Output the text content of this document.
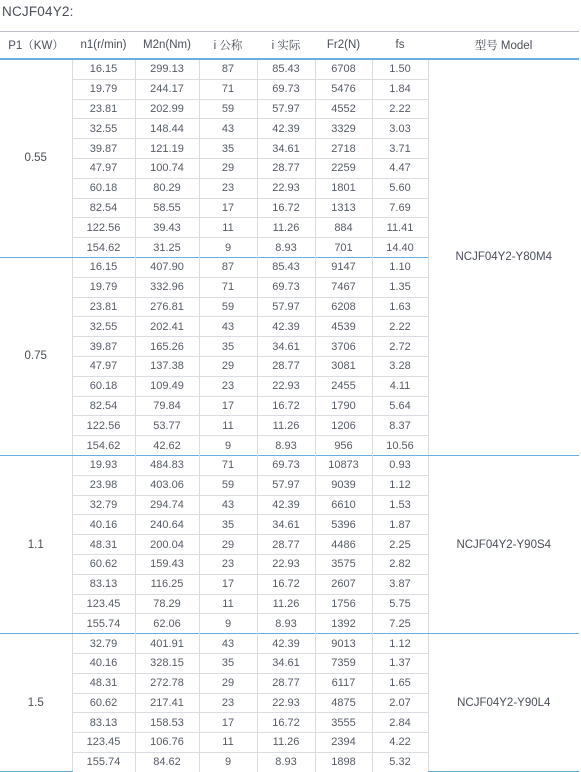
NCJF04Y2:
P1（KW）	n1(r/min)	M2n(Nm)	i 公称	i 实际	Fr2(N)	fs	型号 Model
0.55	16.15	299.13	87	85.43	6708	1.50	NCJF04Y2-Y80M4
	19.79	244.17	71	69.73	5476	1.84	
	23.81	202.99	59	57.97	4552	2.22	
	32.55	148.44	43	42.39	3329	3.03	
	39.87	121.19	35	34.61	2718	3.71	
	47.97	100.74	29	28.77	2259	4.47	
	60.18	80.29	23	22.93	1801	5.60	
	82.54	58.55	17	16.72	1313	7.69	
	122.56	39.43	11	11.26	884	11.41	
	154.62	31.25	9	8.93	701	14.40	
0.75	16.15	407.90	87	85.43	9147	1.10	
	19.79	332.96	71	69.73	7467	1.35	
	23.81	276.81	59	57.97	6208	1.63	
	32.55	202.41	43	42.39	4539	2.22	
	39.87	165.26	35	34.61	3706	2.72	
	47.97	137.38	29	28.77	3081	3.28	
	60.18	109.49	23	22.93	2455	4.11	
	82.54	79.84	17	16.72	1790	5.64	
	122.56	53.77	11	11.26	1206	8.37	
	154.62	42.62	9	8.93	956	10.56	
1.1	19.93	484.83	71	69.73	10873	0.93	NCJF04Y2-Y90S4
	23.98	403.06	59	57.97	9039	1.12	
	32.79	294.74	43	42.39	6610	1.53	
	40.16	240.64	35	34.61	5396	1.87	
	48.31	200.04	29	28.77	4486	2.25	
	60.62	159.43	23	22.93	3575	2.82	
	83.13	116.25	17	16.72	2607	3.87	
	123.45	78.29	11	11.26	1756	5.75	
	155.74	62.06	9	8.93	1392	7.25	
1.5	32.79	401.91	43	42.39	9013	1.12	NCJF04Y2-Y90L4
	40.16	328.15	35	34.61	7359	1.37	
	48.31	272.78	29	28.77	6117	1.65	
	60.62	217.41	23	22.93	4875	2.07	
	83.13	158.53	17	16.72	3555	2.84	
	123.45	106.76	11	11.26	2394	4.22	
	155.74	84.62	9	8.93	1898	5.32	
